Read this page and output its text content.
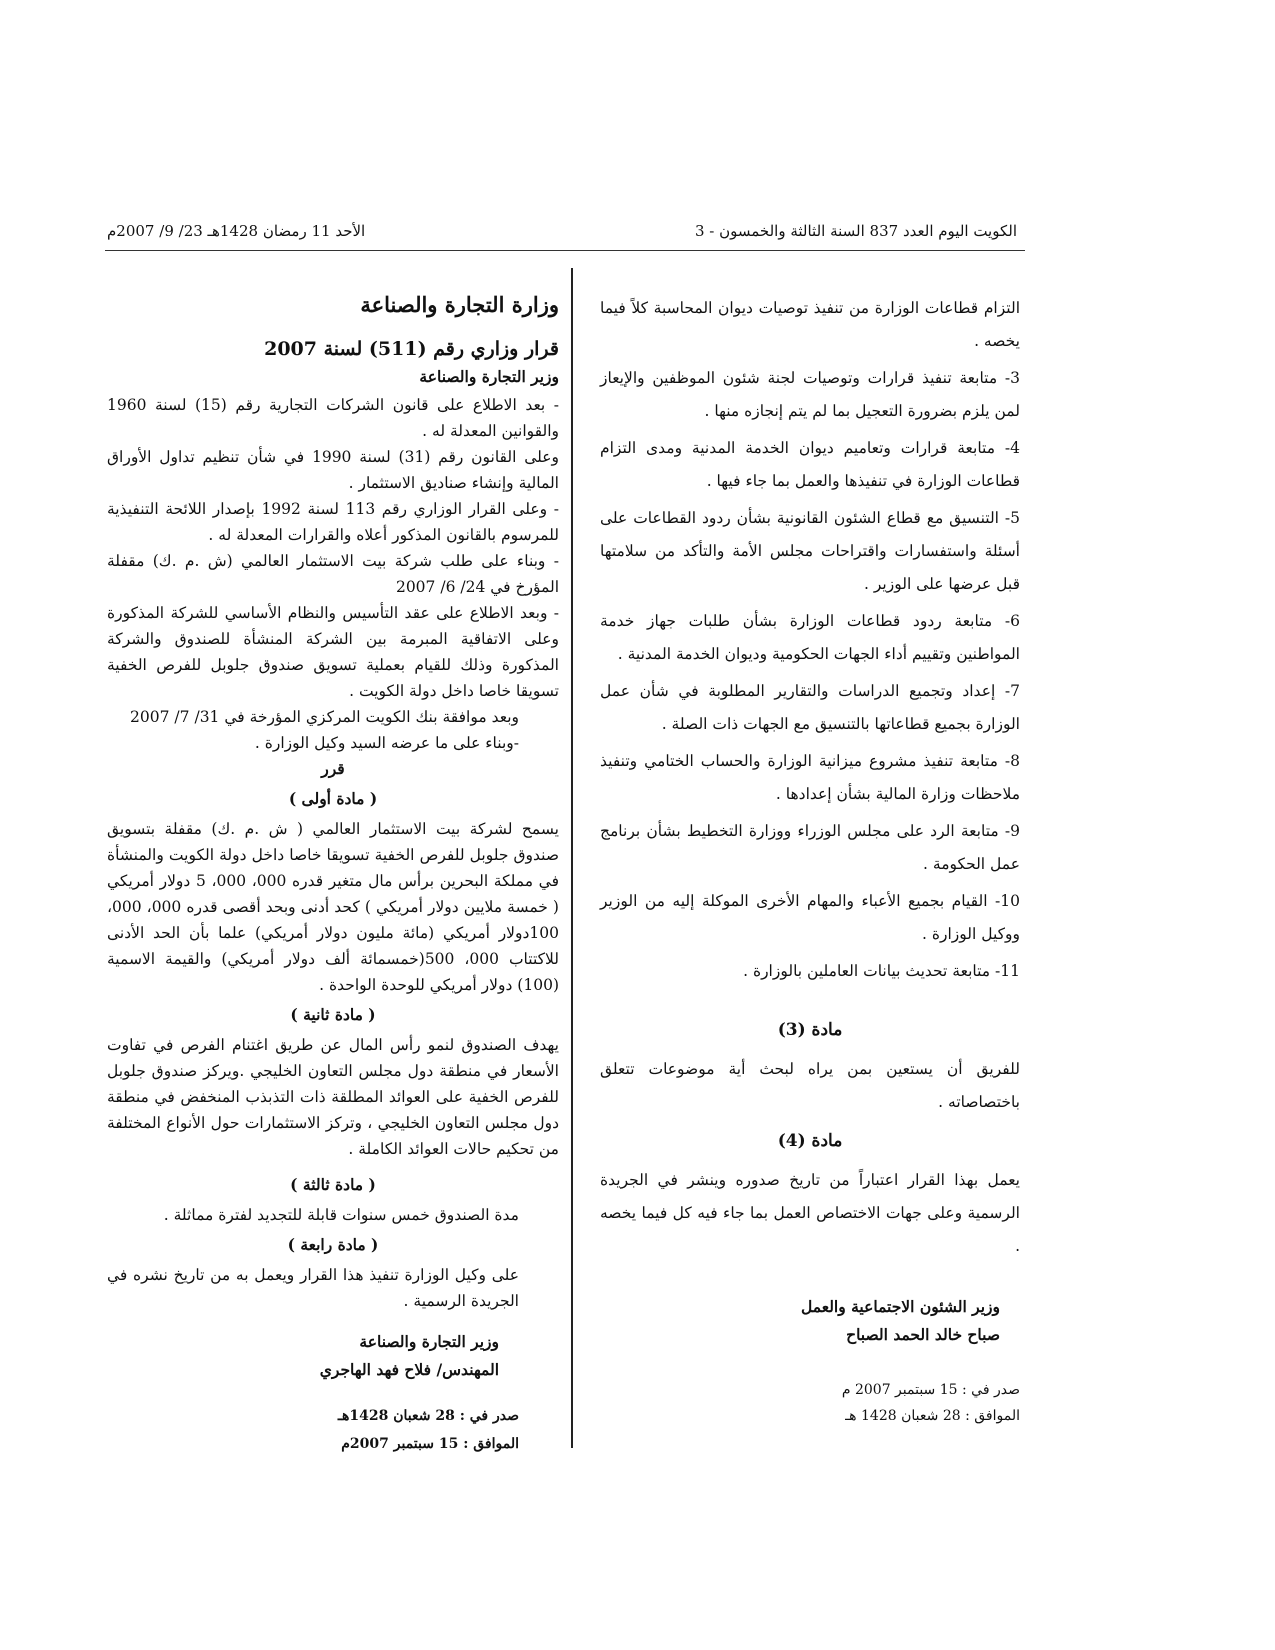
الكويت اليوم العدد 837 السنة الثالثة والخمسون - 3
الأحد 11 رمضان 1428هـ 23/ 9/ 2007م

التزام قطاعات الوزارة من تنفيذ توصيات ديوان المحاسبة كلاً فيما يخصه .

3- متابعة تنفيذ قرارات وتوصيات لجنة شئون الموظفين والإيعاز لمن يلزم بضرورة التعجيل بما لم يتم إنجازه منها .

4- متابعة قرارات وتعاميم ديوان الخدمة المدنية ومدى التزام قطاعات الوزارة في تنفيذها والعمل بما جاء فيها .

5- التنسيق مع قطاع الشئون القانونية بشأن ردود القطاعات على أسئلة واستفسارات واقتراحات مجلس الأمة والتأكد من سلامتها قبل عرضها على الوزير .

6- متابعة ردود قطاعات الوزارة بشأن طلبات جهاز خدمة المواطنين وتقييم أداء الجهات الحكومية وديوان الخدمة المدنية .

7- إعداد وتجميع الدراسات والتقارير المطلوبة في شأن عمل الوزارة بجميع قطاعاتها بالتنسيق مع الجهات ذات الصلة .

8- متابعة تنفيذ مشروع ميزانية الوزارة والحساب الختامي وتنفيذ ملاحظات وزارة المالية بشأن إعدادها .

9- متابعة الرد على مجلس الوزراء ووزارة التخطيط بشأن برنامج عمل الحكومة .

10- القيام بجميع الأعباء والمهام الأخرى الموكلة إليه من الوزير ووكيل الوزارة .

11- متابعة تحديث بيانات العاملين بالوزارة .

مادة (3)

للفريق أن يستعين بمن يراه لبحث أية موضوعات تتعلق باختصاصاته .

مادة (4)

يعمل بهذا القرار اعتباراً من تاريخ صدوره وينشر في الجريدة الرسمية وعلى جهات الاختصاص العمل بما جاء فيه كل فيما يخصه .

وزير الشئون الاجتماعية والعمل

صباح خالد الحمد الصباح

صدر في : 15 سبتمبر 2007 م

الموافق : 28 شعبان 1428 هـ

وزارة التجارة والصناعة

قرار وزاري رقم (511) لسنة 2007

وزير التجارة والصناعة

- بعد الاطلاع على قانون الشركات التجارية رقم (15) لسنة 1960 والقوانين المعدلة له .

وعلى القانون رقم (31) لسنة 1990 في شأن تنظيم تداول الأوراق المالية وإنشاء صناديق الاستثمار .

- وعلى القرار الوزاري رقم 113 لسنة 1992 بإصدار اللائحة التنفيذية للمرسوم بالقانون المذكور أعلاه والقرارات المعدلة له .

- وبناء على طلب شركة بيت الاستثمار العالمي (ش .م .ك) مقفلة المؤرخ في 24/ 6/ 2007

- وبعد الاطلاع على عقد التأسيس والنظام الأساسي للشركة المذكورة وعلى الاتفاقية المبرمة بين الشركة المنشأة للصندوق والشركة المذكورة وذلك للقيام بعملية تسويق صندوق جلوبل للفرص الخفية تسويقا خاصا داخل دولة الكويت .

وبعد موافقة بنك الكويت المركزي المؤرخة في 31/ 7/ 2007

-وبناء على ما عرضه السيد وكيل الوزارة .

قرر

( مادة أولى )

يسمح لشركة بيت الاستثمار العالمي ( ش .م .ك) مقفلة بتسويق صندوق جلوبل للفرص الخفية تسويقا خاصا داخل دولة الكويت والمنشأة في مملكة البحرين برأس مال متغير قدره 000، 000، 5 دولار أمريكي ( خمسة ملايين دولار أمريكي ) كحد أدنى وبحد أقصى قدره 000، 000، 100دولار أمريكي (مائة مليون دولار أمريكي) علما بأن الحد الأدنى للاكتتاب 000، 500(خمسمائة ألف دولار أمريكي) والقيمة الاسمية (100) دولار أمريكي للوحدة الواحدة .

( مادة ثانية )

يهدف الصندوق لنمو رأس المال عن طريق اغتنام الفرص في تفاوت الأسعار في منطقة دول مجلس التعاون الخليجي .ويركز صندوق جلوبل للفرص الخفية على العوائد المطلقة ذات التذبذب المنخفض في منطقة دول مجلس التعاون الخليجي ، وتركز الاستثمارات حول الأنواع المختلفة من تحكيم حالات العوائد الكاملة .

( مادة ثالثة )

مدة الصندوق خمس سنوات قابلة للتجديد لفترة مماثلة .

( مادة رابعة )

على وكيل الوزارة تنفيذ هذا القرار ويعمل به من تاريخ نشره في الجريدة الرسمية .

وزير التجارة والصناعة

المهندس/ فلاح فهد الهاجري

صدر في : 28 شعبان 1428هـ

الموافق : 15 سبتمبر 2007م
